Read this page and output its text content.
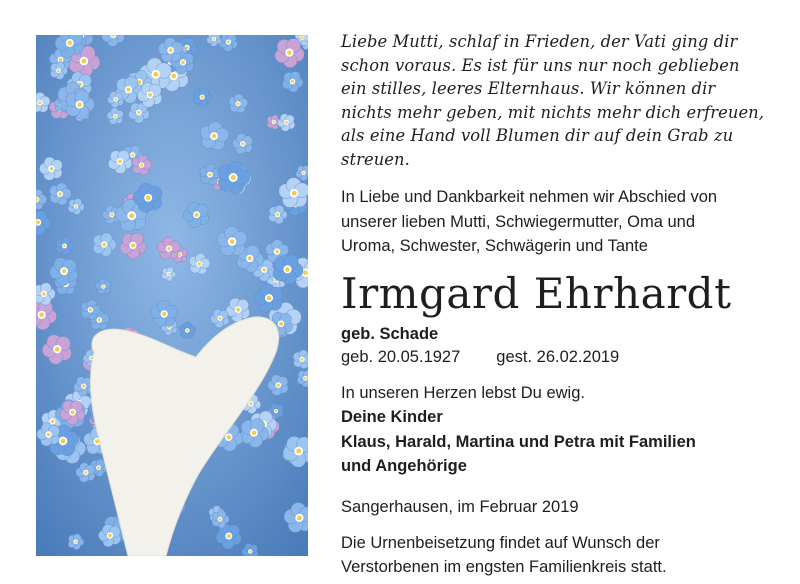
Liebe Mutti, schlaf in Frieden, der Vati ging dir
schon voraus. Es ist für uns nur noch geblieben
ein stilles, leeres Elternhaus. Wir können dir
nichts mehr geben, mit nichts mehr dich erfreuen,
als eine Hand voll Blumen dir auf dein Grab zu
streuen.
In Liebe und Dankbarkeit nehmen wir Abschied von
unserer lieben Mutti, Schwiegermutter, Oma und
Uroma, Schwester, Schwägerin und Tante
Irmgard Ehrhardt
geb. Schade
geb. 20.05.1927 gest. 26.02.2019
In unseren Herzen lebst Du ewig.
Deine Kinder
Klaus, Harald, Martina und Petra mit Familien
und Angehörige
Sangerhausen, im Februar 2019
Die Urnenbeisetzung findet auf Wunsch der
Verstorbenen im engsten Familienkreis statt.
